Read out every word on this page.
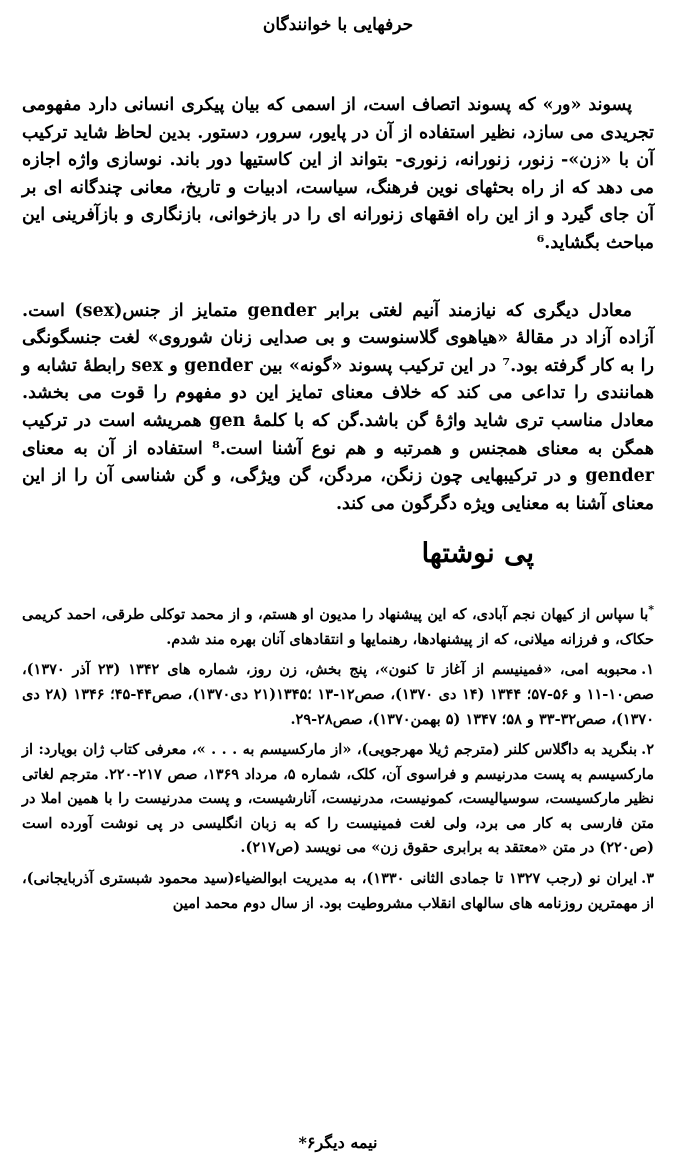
حرفهایی با خوانندگان

پسوند «ور» که پسوند اتصاف است، از اسمی که بیان پیکری انسانی دارد مفهومی تجریدی می سازد، نظیر استفاده از آن در پایور، سرور، دستور. بدین لحاظ شاید ترکیب آن با «زن»- زنور، زنورانه، زنوری- بتواند از این کاستیها دور باند. نوسازی واژه اجازه می دهد که از راه بحثهای نوین فرهنگ، سیاست، ادبیات و تاریخ، معانی چندگانه ای بر آن جای گیرد و از این راه افقهای زنورانه ای را در بازخوانی، بازنگاری و بازآفرینی این مباحث بگشاید.⁶

معادل دیگری که نیازمند آنیم لغتی برابر gender متمایز از جنس(sex) است. آزاده آزاد در مقالهٔ «هیاهوی گلاسنوست و بی صدایی زنان شوروی» لغت جنسگونگی را به کار گرفته بود.⁷ در این ترکیب پسوند «گونه» بین gender و sex رابطهٔ تشابه و همانندی را تداعی می کند که خلاف معنای تمایز این دو مفهوم را قوت می بخشد. معادل مناسب تری شاید واژهٔ گن باشد.گن که با کلمهٔ gen همریشه است در ترکیب همگن به معنای همجنس و همرتبه و هم نوع آشنا است.⁸ استفاده از آن به معنای gender و در ترکیبهایی چون زنگن، مردگن، گن ویژگی، و گن شناسی آن را از این معنای آشنا به معنایی ویژه دگرگون می کند.

پی نوشتها

*با سپاس از کیهان نجم آبادی، که این پیشنهاد را مدیون او هستم، و از محمد توکلی طرقی، احمد کریمی حکاک، و فرزانه میلانی، که از پیشنهادها، رهنمایها و انتقادهای آنان بهره مند شدم.

۱.محبوبه امی، «فمینیسم از آغاز تا کنون»، پنج بخش، زن روز، شماره های ۱۳۴۲ (۲۳ آذر ۱۳۷۰)، صص۱۰-۱۱ و ۵۶-۵۷؛ ۱۳۴۴ (۱۴ دی ۱۳۷۰)، صص۱۲-۱۳ ؛۱۳۴۵(۲۱ دی۱۳۷۰)، صص۴۴-۴۵؛ ۱۳۴۶ (۲۸ دی ۱۳۷۰)، صص۳۲-۳۳ و ۵۸؛ ۱۳۴۷ (۵ بهمن۱۳۷۰)، صص۲۸-۲۹.

۲.بنگرید به داگلاس کلنر (مترجم ژیلا مهرجویی)، «از مارکسیسم به . . . »، معرفی کتاب ژان بویارد: از مارکسیسم به پست مدرنیسم و فراسوی آن، کلک، شماره ۵، مرداد ۱۳۶۹، صص ۲۱۷-۲۲۰. مترجم لغاتی نظیر مارکسیست، سوسیالیست، کمونیست، مدرنیست، آنارشیست، و پست مدرنیست را با همین املا در متن فارسی به کار می برد، ولی لغت فمینیست را که به زبان انگلیسی در پی نوشت آورده است (ص۲۲۰) در متن «معتقد به برابری حقوق زن» می نویسد (ص۲۱۷).

۳.ایران نو (رجب ۱۳۲۷ تا جمادی الثانی ۱۳۳۰)، به مدیریت ابوالضیاء(سید محمود شبستری آذربایجانی)، از مهمترین روزنامه های سالهای انقلاب مشروطیت بود. از سال دوم محمد امین

نیمه دیگر۶*
